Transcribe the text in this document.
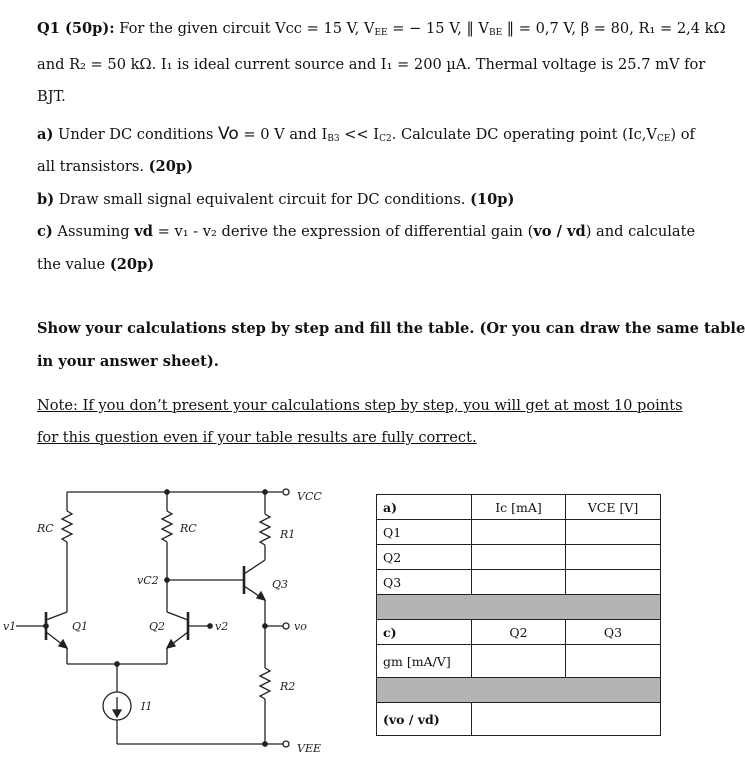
Q1 (50p): For the given circuit Vcc = 15 V, $V_{EE}$ = − 15 V, ‖ $V_{BE}$ ‖ = 0,7 V, β = 80, R₁ = 2,4 kΩ
and R₂ = 50 kΩ. I₁ is ideal current source and I₁ = 200 µA. Thermal voltage is 25.7 mV for
BJT.
a) Under DC conditions Vo = 0 V and $I_{B3} << I_{C2}$. Calculate DC operating point $(Ic,V_{CE})$ of
all transistors. (20p)
b) Draw small signal equivalent circuit for DC conditions. (10p)
c) Assuming vd = v₁ - v₂ derive the expression of differential gain (vo / vd) and calculate
the value (20p)
Show your calculations step by step and fill the table. (Or you can draw the same table
in your answer sheet).
Note: If you don’t present your calculations step by step, you will get at most 10 points
for this question even if your table results are fully correct.
VCC
VEE
RC	RC	R1
R2
Q3
Q1	Q2
vC2
v1	v2	vo
I1
a)	Ic [mA]	VCE [V]
Q1		
Q2		
Q3		

c)	Q2	Q3
gm [mA/V]		

(vo / vd)		
